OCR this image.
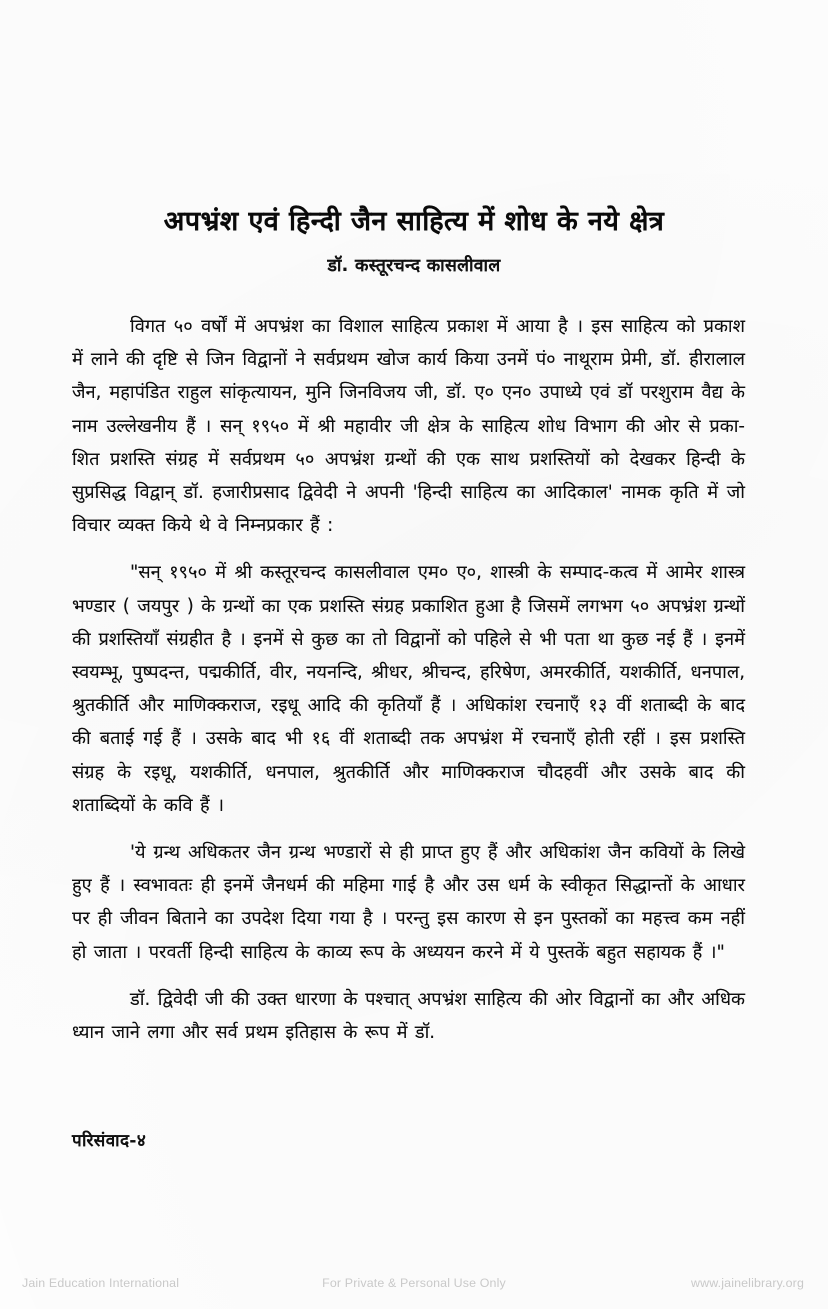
अपभ्रं‌श एवं हिन्दी जैन साहित्य में शोध के नये क्षेत्र
डॉ. कस्तूरचन्द कासलीवाल

विगत ५० वर्षों में अपभ्रंश का विशाल साहित्य प्रकाश में आया है । इस साहित्य को प्रकाश में लाने की दृष्टि से जिन विद्वानों ने सर्वप्रथम खोज कार्य किया उनमें पं० नाथूराम प्रेमी, डॉ. हीरालाल जैन, महापंडित राहुल सांकृत्यायन, मुनि जिनविजय जी, डॉ. ए० एन० उपाध्ये एवं डॉ परशुराम वैद्य के नाम उल्लेखनीय हैं । सन् १९५० में श्री महावीर जी क्षेत्र के साहित्य शोध विभाग की ओर से प्रका-शित प्रशस्ति संग्रह में सर्वप्रथम ५० अपभ्रंश ग्रन्थों की एक साथ प्रशस्तियों को देखकर हिन्दी के सुप्रसिद्ध विद्वान् डॉ. हजारीप्रसाद द्विवेदी ने अपनी 'हिन्दी साहित्य का आदिकाल' नामक कृति में जो विचार व्यक्त किये थे वे निम्नप्रकार हैं :

"सन् १९५० में श्री कस्तूरचन्द कासलीवाल एम० ए०, शास्त्री के सम्पाद-कत्व में आमेर शास्त्र भण्डार ( जयपुर ) के ग्रन्थों का एक प्रशस्ति संग्रह प्रकाशित हुआ है जिसमें लगभग ५० अपभ्रंश ग्रन्थों की प्रशस्तियाँ संग्रहीत है । इनमें से कुछ का तो विद्वानों को पहिले से भी पता था कुछ नई हैं । इनमें स्वयम्भू, पुष्पदन्त, पद्मकीर्ति, वीर, नयनन्दि, श्रीधर, श्रीचन्द, हरिषेण, अमरकीर्ति, यशकीर्ति, धनपाल, श्रुतकीर्ति और माणिक्कराज, रइधू आदि की कृतियाँ हैं । अधिकांश रचनाएँ १३ वीं शताब्दी के बाद की बताई गई हैं । उसके बाद भी १६ वीं शताब्दी तक अपभ्रंश में रचनाएँ होती रहीं । इस प्रशस्ति संग्रह के रइधू, यशकीर्ति, धनपाल, श्रुतकीर्ति और माणिक्कराज चौदहवीं और उसके बाद की शताब्दियों के कवि हैं ।

'ये ग्रन्थ अधिकतर जैन ग्रन्थ भण्डारों से ही प्राप्त हुए हैं और अधिकांश जैन कवियों के लिखे हुए हैं । स्वभावतः ही इनमें जैनधर्म की महिमा गाई है और उस धर्म के स्वीकृत सिद्धान्तों के आधार पर ही जीवन बिताने का उपदेश दिया गया है । परन्तु इस कारण से इन पुस्तकों का महत्त्व कम नहीं हो जाता । परवर्ती हिन्दी साहित्य के काव्य रूप के अध्ययन करने में ये पुस्तकें बहुत सहायक हैं ।"

डॉ. द्विवेदी जी की उक्त धारणा के पश्चात् अपभ्रंश साहित्य की ओर विद्वानों का और अधिक ध्यान जाने लगा और सर्व प्रथम इतिहास के रूप में डॉ.

परिसंवाद-४
Jain Education International	For Private & Personal Use Only	www.jainelibrary.org
